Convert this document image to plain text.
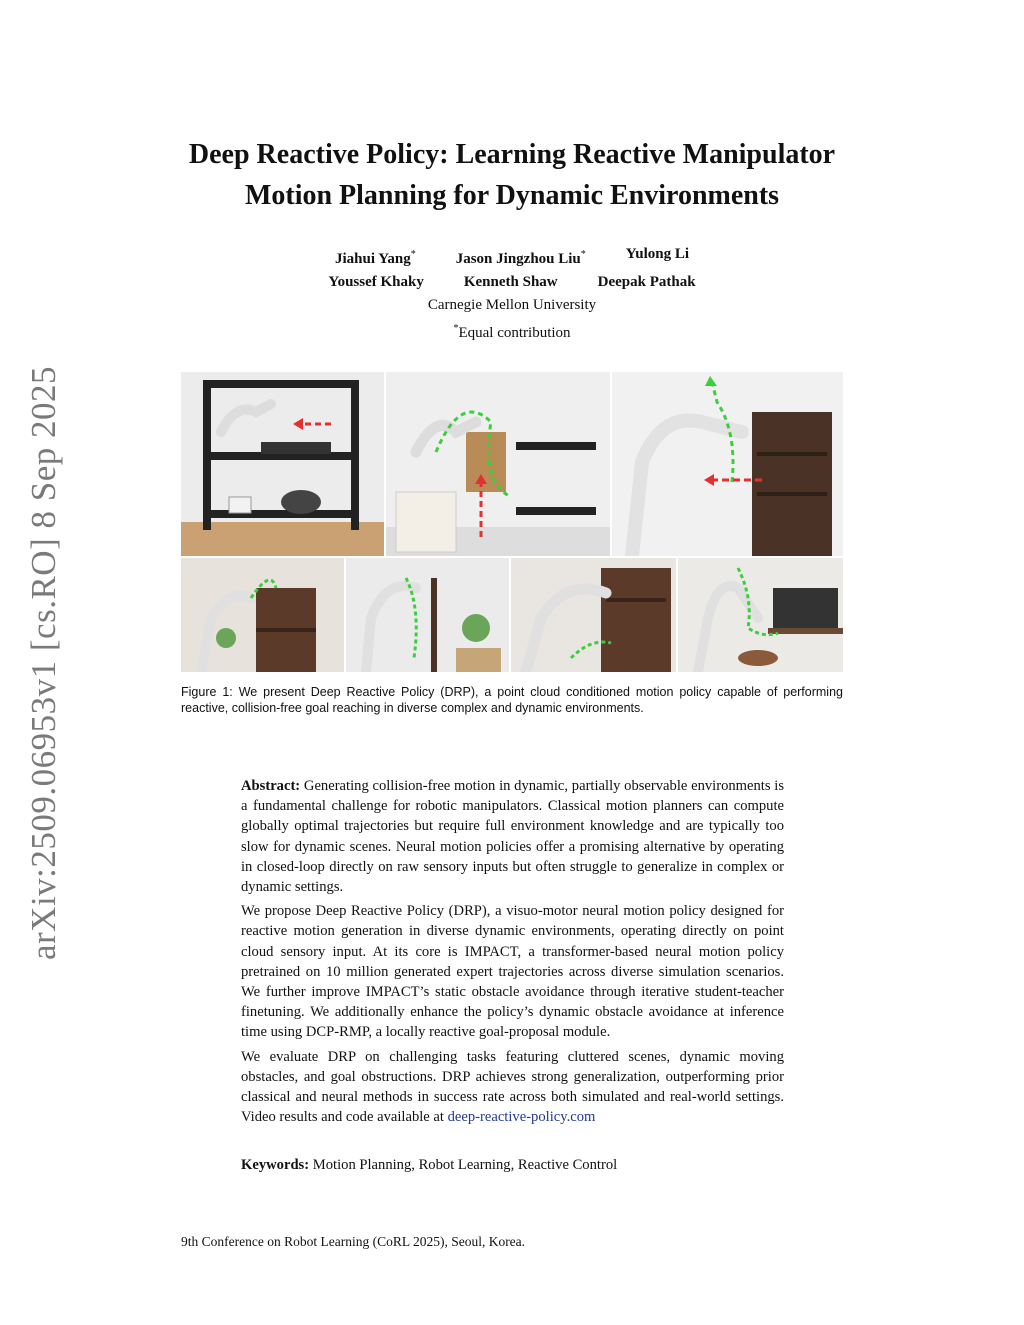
arXiv:2509.06953v1 [cs.RO] 8 Sep 2025
Deep Reactive Policy: Learning Reactive Manipulator
Motion Planning for Dynamic Environments
Jiahui Yang*	Jason Jingzhou Liu*	Yulong Li
Youssef Khaky	Kenneth Shaw	Deepak Pathak
Carnegie Mellon University
*Equal contribution
Figure 1: We present Deep Reactive Policy (DRP), a point cloud conditioned motion policy capable of performing reactive, collision-free goal reaching in diverse complex and dynamic environments.

Abstract: Generating collision-free motion in dynamic, partially observable environments is a fundamental challenge for robotic manipulators. Classical motion planners can compute globally optimal trajectories but require full environment knowledge and are typically too slow for dynamic scenes. Neural motion policies offer a promising alternative by operating in closed-loop directly on raw sensory inputs but often struggle to generalize in complex or dynamic settings.

We propose Deep Reactive Policy (DRP), a visuo-motor neural motion policy designed for reactive motion generation in diverse dynamic environments, operating directly on point cloud sensory input. At its core is IMPACT, a transformer-based neural motion policy pretrained on 10 million generated expert trajectories across diverse simulation scenarios. We further improve IMPACT’s static obstacle avoidance through iterative student-teacher finetuning. We additionally enhance the policy’s dynamic obstacle avoidance at inference time using DCP-RMP, a locally reactive goal-proposal module.

We evaluate DRP on challenging tasks featuring cluttered scenes, dynamic moving obstacles, and goal obstructions. DRP achieves strong generalization, outperforming prior classical and neural methods in success rate across both simulated and real-world settings. Video results and code available at deep-reactive-policy.com

Keywords: Motion Planning, Robot Learning, Reactive Control
9th Conference on Robot Learning (CoRL 2025), Seoul, Korea.
